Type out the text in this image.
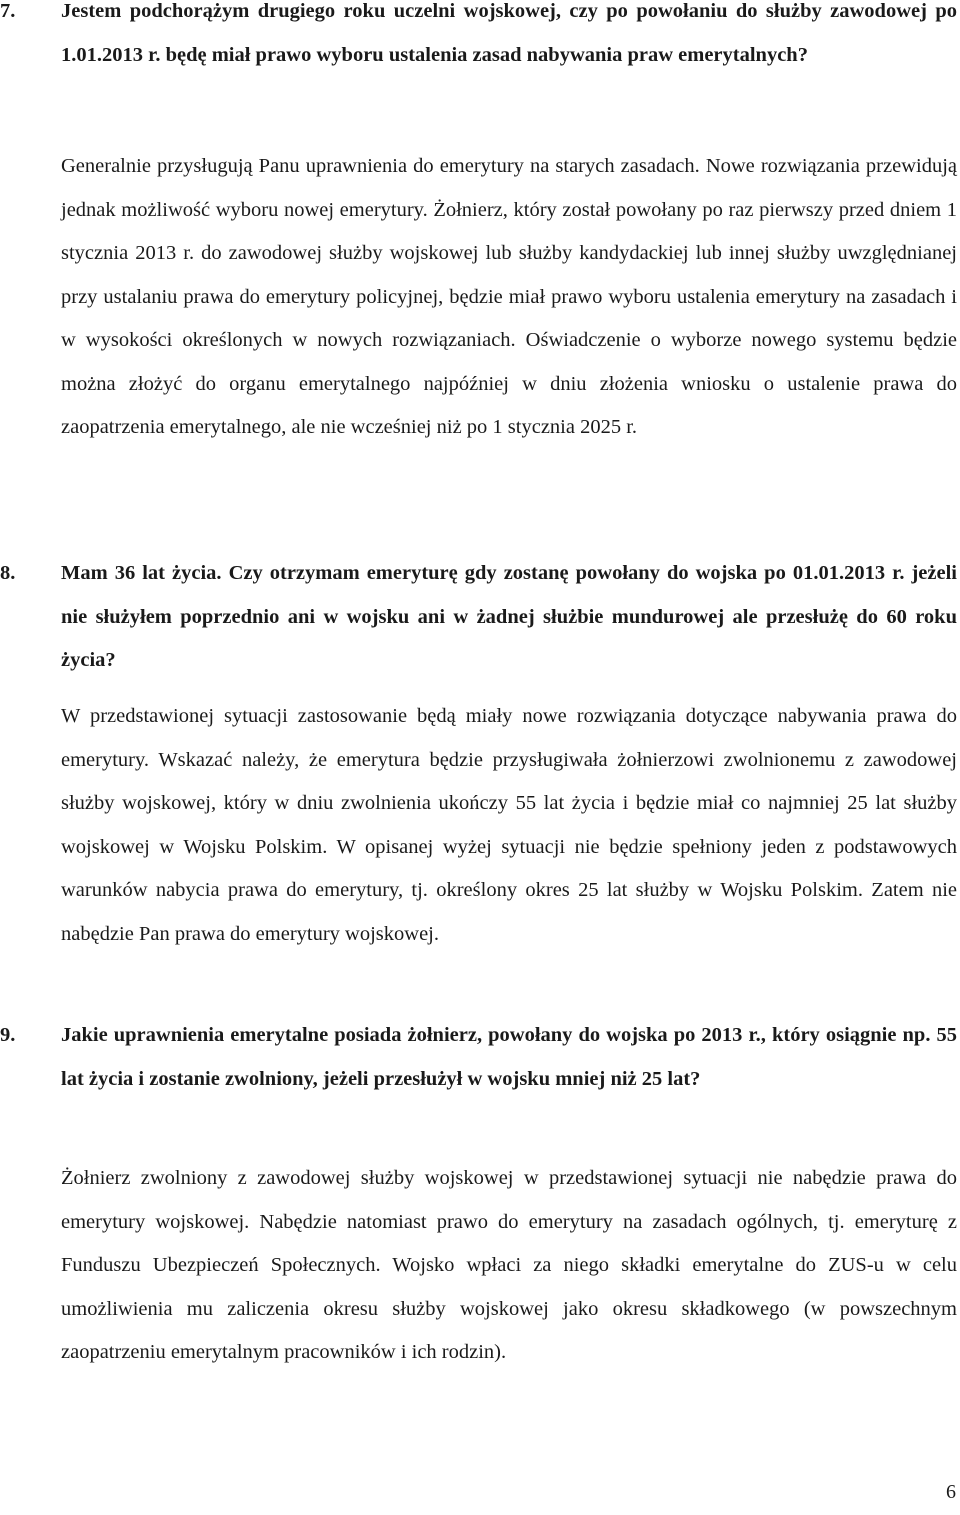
7. Jestem podchorążym drugiego roku uczelni wojskowej, czy po powołaniu do służby zawodowej po 1.01.2013 r. będę miał prawo wyboru ustalenia zasad nabywania praw emerytalnych?
Generalnie przysługują Panu uprawnienia do emerytury na starych zasadach. Nowe rozwiązania przewidują jednak możliwość wyboru nowej emerytury. Żołnierz, który został powołany po raz pierwszy przed dniem 1 stycznia 2013 r. do zawodowej służby wojskowej lub służby kandydackiej lub innej służby uwzględnianej przy ustalaniu prawa do emerytury policyjnej, będzie miał prawo wyboru ustalenia emerytury na zasadach i w wysokości określonych w nowych rozwiązaniach. Oświadczenie o wyborze nowego systemu będzie można złożyć do organu emerytalnego najpóźniej w dniu złożenia wniosku o ustalenie prawa do zaopatrzenia emerytalnego, ale nie wcześniej niż po 1 stycznia 2025 r.
8. Mam 36 lat życia. Czy otrzymam emeryturę gdy zostanę powołany do wojska po 01.01.2013 r. jeżeli nie służyłem poprzednio ani w wojsku ani w żadnej służbie mundurowej ale przesłużę do 60 roku życia?
W przedstawionej sytuacji zastosowanie będą miały nowe rozwiązania dotyczące nabywania prawa do emerytury. Wskazać należy, że emerytura będzie przysługiwała żołnierzowi zwolnionemu z zawodowej służby wojskowej, który w dniu zwolnienia ukończy 55 lat życia i będzie miał co najmniej 25 lat służby wojskowej w Wojsku Polskim. W opisanej wyżej sytuacji nie będzie spełniony jeden z podstawowych warunków nabycia prawa do emerytury, tj. określony okres 25 lat służby w Wojsku Polskim. Zatem nie nabędzie Pan prawa do emerytury wojskowej.
9. Jakie uprawnienia emerytalne posiada żołnierz, powołany do wojska po 2013 r., który osiągnie np. 55 lat życia i zostanie zwolniony, jeżeli przesłużył w wojsku mniej niż 25 lat?
Żołnierz zwolniony z zawodowej służby wojskowej w przedstawionej sytuacji nie nabędzie prawa do emerytury wojskowej. Nabędzie natomiast prawo do emerytury na zasadach ogólnych, tj. emeryturę z Funduszu Ubezpieczeń Społecznych. Wojsko wpłaci za niego składki emerytalne do ZUS-u w celu umożliwienia mu zaliczenia okresu służby wojskowej jako okresu składkowego (w powszechnym zaopatrzeniu emerytalnym pracowników i ich rodzin).
6
